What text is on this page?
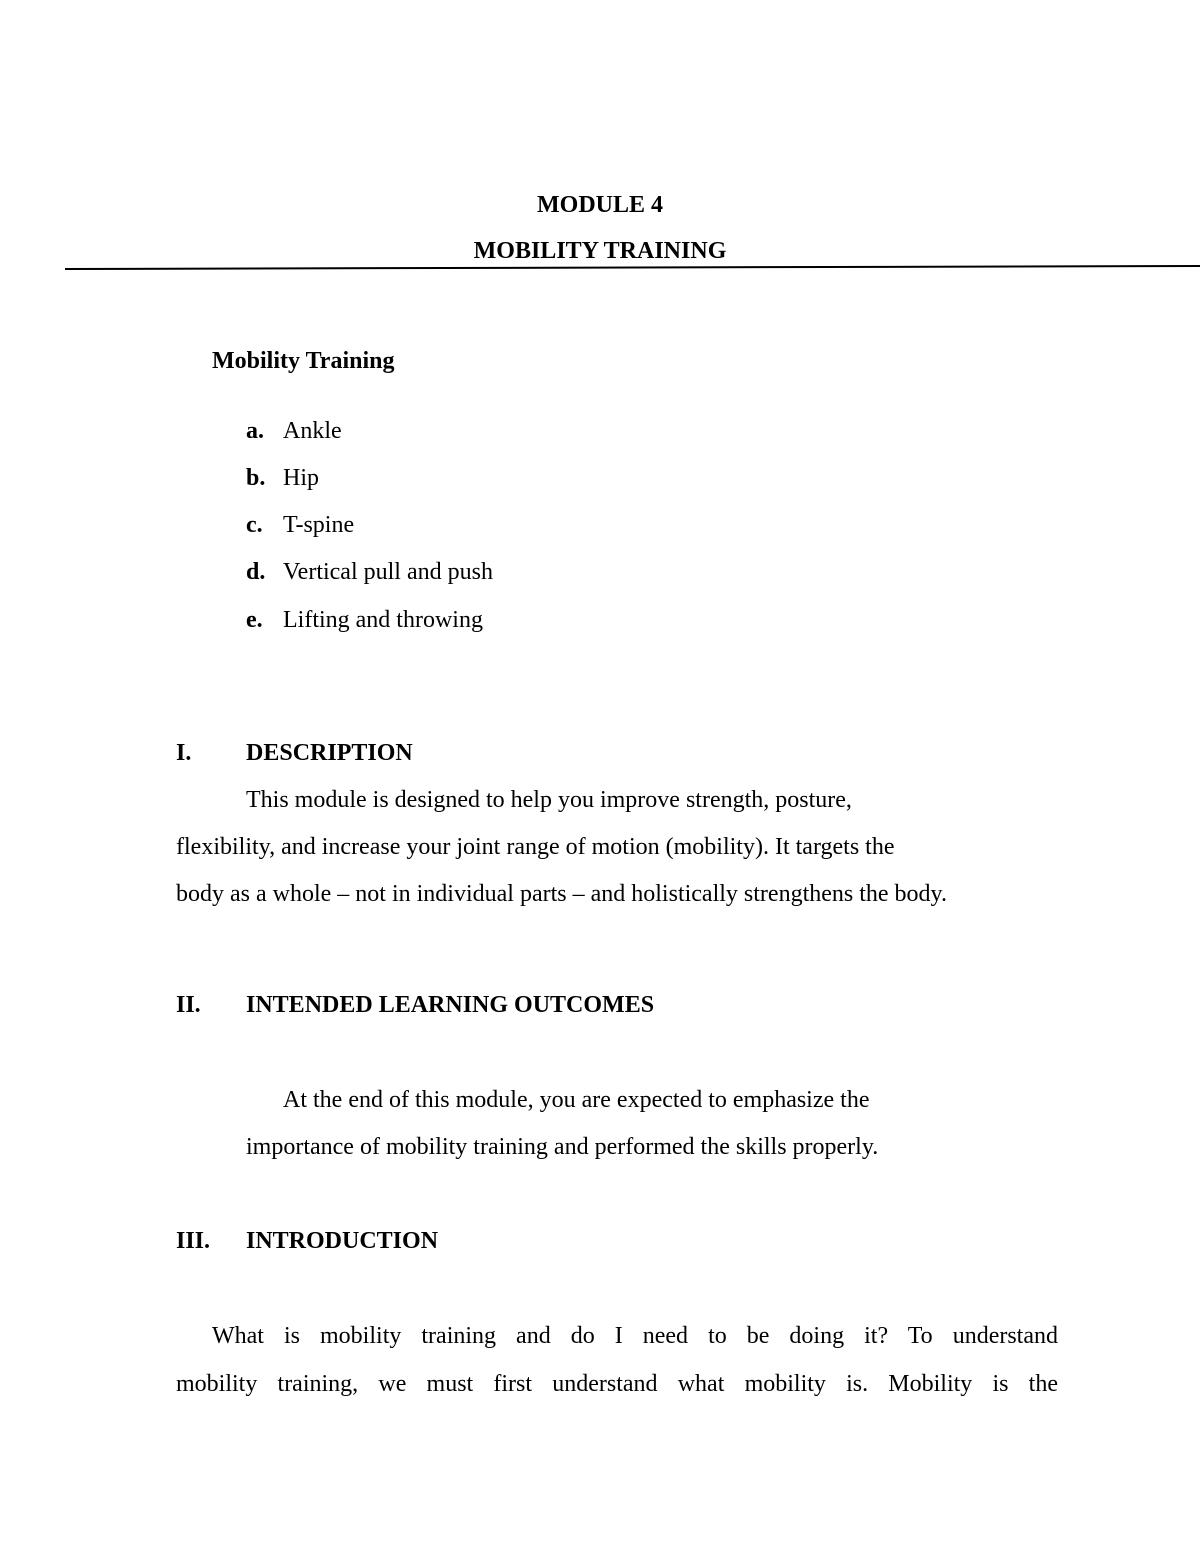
MODULE 4
MOBILITY TRAINING
Mobility Training
a. Ankle
b. Hip
c. T-spine
d. Vertical pull and push
e. Lifting and throwing
I. DESCRIPTION
This module is designed to help you improve strength, posture,
flexibility, and increase your joint range of motion (mobility). It targets the
body as a whole – not in individual parts – and holistically strengthens the body.
II. INTENDED LEARNING OUTCOMES
At the end of this module, you are expected to emphasize the
importance of mobility training and performed the skills properly.
III. INTRODUCTION
What is mobility training and do I need to be doing it? To understand
mobility training, we must first understand what mobility is. Mobility is the
